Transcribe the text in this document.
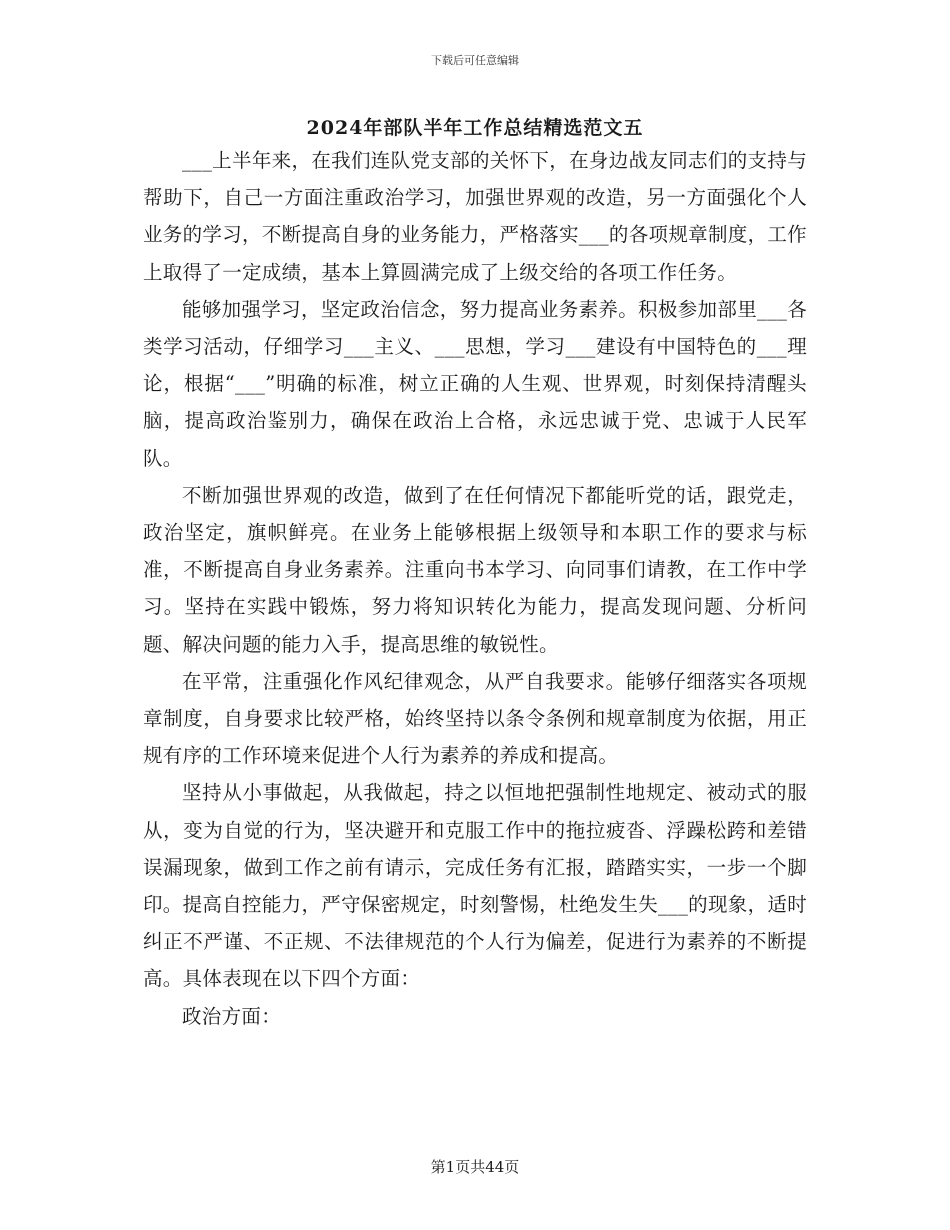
下载后可任意编辑
2024年部队半年工作总结精选范文五

___上半年来，在我们连队党支部的关怀下，在身边战友同志们的支持与帮助下，自己一方面注重政治学习，加强世界观的改造，另一方面强化个人业务的学习，不断提高自身的业务能力，严格落实___的各项规章制度，工作上取得了一定成绩，基本上算圆满完成了上级交给的各项工作任务。

能够加强学习，坚定政治信念，努力提高业务素养。积极参加部里___各类学习活动，仔细学习___主义、___思想，学习___建设有中国特色的___理论，根据“___”明确的标准，树立正确的人生观、世界观，时刻保持清醒头脑，提高政治鉴别力，确保在政治上合格，永远忠诚于党、忠诚于人民军队。

不断加强世界观的改造，做到了在任何情况下都能听党的话，跟党走，政治坚定，旗帜鲜亮。在业务上能够根据上级领导和本职工作的要求与标准，不断提高自身业务素养。注重向书本学习、向同事们请教，在工作中学习。坚持在实践中锻炼，努力将知识转化为能力，提高发现问题、分析问题、解决问题的能力入手，提高思维的敏锐性。

在平常，注重强化作风纪律观念，从严自我要求。能够仔细落实各项规章制度，自身要求比较严格，始终坚持以条令条例和规章制度为依据，用正规有序的工作环境来促进个人行为素养的养成和提高。

坚持从小事做起，从我做起，持之以恒地把强制性地规定、被动式的服从，变为自觉的行为，坚决避开和克服工作中的拖拉疲沓、浮躁松跨和差错误漏现象，做到工作之前有请示，完成任务有汇报，踏踏实实，一步一个脚印。提高自控能力，严守保密规定，时刻警惕，杜绝发生失___的现象，适时纠正不严谨、不正规、不法律规范的个人行为偏差，促进行为素养的不断提高。具体表现在以下四个方面：

政治方面：

第1页共44页
